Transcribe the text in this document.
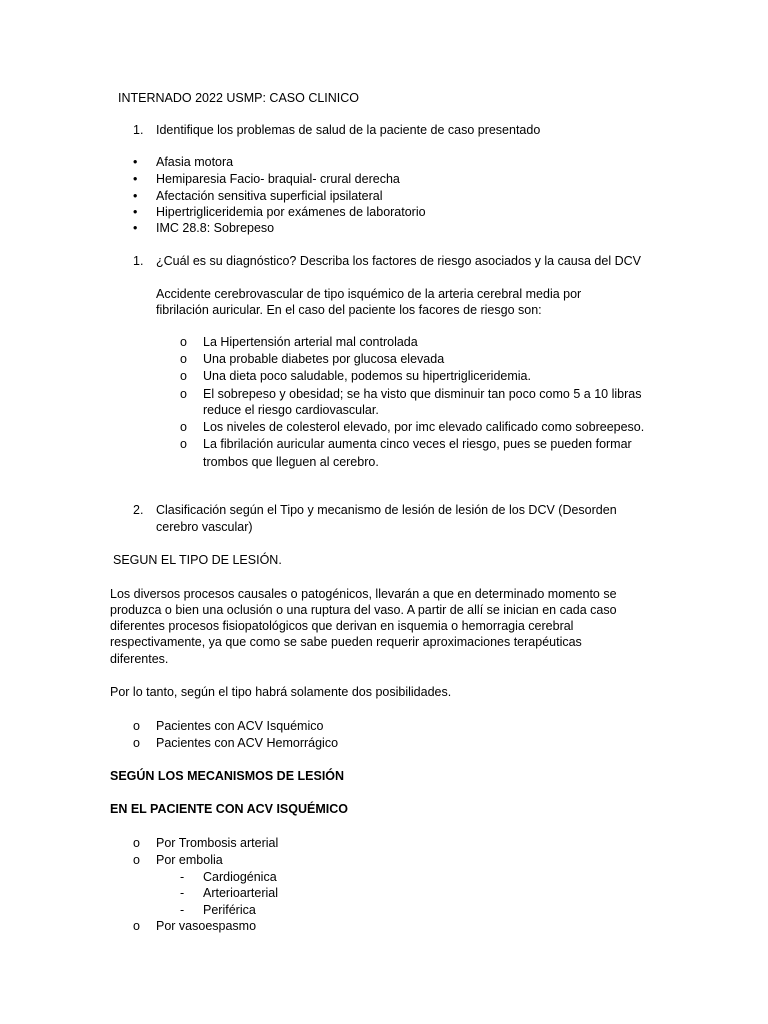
INTERNADO 2022 USMP: CASO CLINICO
1. Identifique los problemas de salud de la paciente de caso presentado
• Afasia motora
• Hemiparesia Facio- braquial- crural derecha
• Afectación sensitiva superficial ipsilateral
• Hipertrigliceridemia por exámenes de laboratorio
• IMC 28.8: Sobrepeso
1. ¿Cuál es su diagnóstico? Describa los factores de riesgo asociados y la causa del DCV
Accidente cerebrovascular de tipo isquémico de la arteria cerebral media por
fibrilación auricular. En el caso del paciente los facores de riesgo son:
o La Hipertensión arterial mal controlada
o Una probable diabetes por glucosa elevada
o Una dieta poco saludable, podemos su hipertrigliceridemia.
o El sobrepeso y obesidad; se ha visto que disminuir tan poco como 5 a 10 libras
reduce el riesgo cardiovascular.
o Los niveles de colesterol elevado, por imc elevado calificado como sobreepeso.
o La fibrilación auricular aumenta cinco veces el riesgo, pues se pueden formar
trombos que lleguen al cerebro.
2. Clasificación según el Tipo y mecanismo de lesión de lesión de los DCV (Desorden
cerebro vascular)
SEGUN EL TIPO DE LESIÓN.
Los diversos procesos causales o patogénicos, llevarán a que en determinado momento se
produzca o bien una oclusión o una ruptura del vaso. A partir de allí se inician en cada caso
diferentes procesos fisiopatológicos que derivan en isquemia o hemorragia cerebral
respectivamente, ya que como se sabe pueden requerir aproximaciones terapéuticas
diferentes.
Por lo tanto, según el tipo habrá solamente dos posibilidades.
o Pacientes con ACV Isquémico
o Pacientes con ACV Hemorrágico
SEGÚN LOS MECANISMOS DE LESIÓN
EN EL PACIENTE CON ACV ISQUÉMICO
o Por Trombosis arterial
o Por embolia
- Cardiogénica
- Arterioarterial
- Periférica
o Por vasoespasmo
